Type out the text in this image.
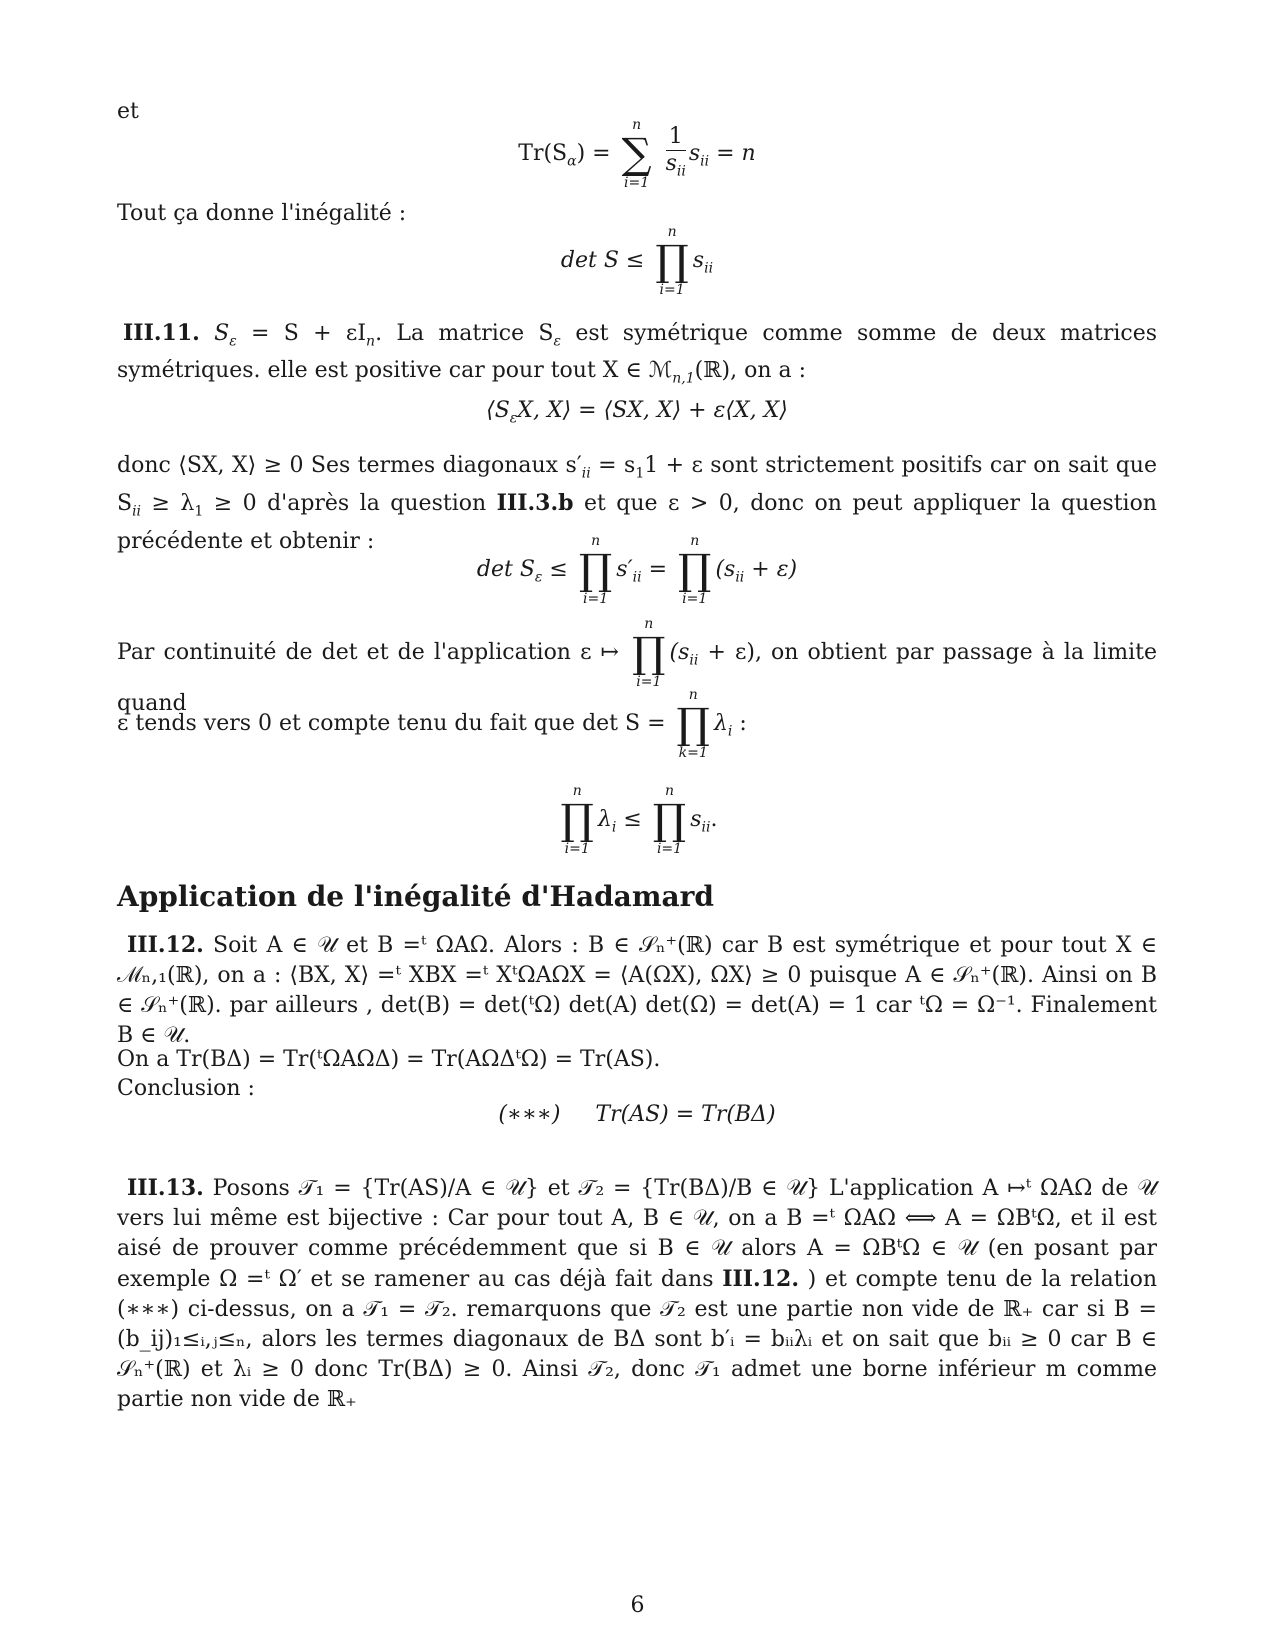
et

$Tr(S_\alpha)$ =
n
∑
i=1
$\frac{1}{s_{ii}} s_{ii} = n$

Tout ça donne l'inégalité :

det S ≤
n
∏
i=1
$s_{ii}$

III.11. $S_\varepsilon = S + \varepsilon I_n$. La matrice $S_\varepsilon$ est symétrique comme somme de deux matrices symétriques. elle est positive car pour tout X ∈ ℳ$_{n,1}$(ℝ), on a :

$⟨S_\varepsilon X$, X⟩ = ⟨SX, X⟩ + ε⟨X, X⟩

donc ⟨SX, X⟩ ≥ 0 Ses termes diagonaux $s'_{ii} = s_11 + \varepsilon$ sont strictement positifs car on sait que $S_{ii} \ge \lambda_1 \ge 0$ d'après la question III.3.b et que ε > 0, donc on peut appliquer la question précédente et obtenir :

$\det S_\varepsilon$ ≤
n
∏
i=1
$s'_{ii}$ =
n
∏
i=1
$(s_{ii} + \varepsilon)$

Par continuité de det et de l'application ε ↦
n
∏
i=1
$(s_{ii} + \varepsilon)$, on obtient par passage à la limite quand

ε tends vers 0 et compte tenu du fait que det S =
n
∏
k=1
$\lambda_i$ :

n
∏
i=1
$\lambda_i$ ≤
n
∏
i=1
$s_{ii}$.
Application de l'inégalité d'Hadamard

III.12. Soit A ∈ 𝒰 et B =ᵗ ΩAΩ. Alors : B ∈ 𝒮ₙ⁺(ℝ) car B est symétrique et pour tout X ∈ ℳₙ,₁(ℝ), on a : ⟨BX, X⟩ =ᵗ XBX =ᵗ XᵗΩAΩX = ⟨A(ΩX), ΩX⟩ ≥ 0 puisque A ∈ 𝒮ₙ⁺(ℝ). Ainsi on B ∈ 𝒮ₙ⁺(ℝ). par ailleurs , det(B) = det(ᵗΩ) det(A) det(Ω) = det(A) = 1 car ᵗΩ = Ω⁻¹. Finalement B ∈ 𝒰.

On a Tr(BΔ) = Tr(ᵗΩAΩΔ) = Tr(AΩΔᵗΩ) = Tr(AS).

Conclusion :

(∗∗∗) Tr(AS) = Tr(BΔ)

III.13. Posons 𝒯₁ = {Tr(AS)/A ∈ 𝒰} et 𝒯₂ = {Tr(BΔ)/B ∈ 𝒰} L'application A ↦ᵗ ΩAΩ de 𝒰 vers lui même est bijective : Car pour tout A, B ∈ 𝒰, on a B =ᵗ ΩAΩ ⟺ A = ΩBᵗΩ, et il est aisé de prouver comme précédemment que si B ∈ 𝒰 alors A = ΩBᵗΩ ∈ 𝒰 (en posant par exemple Ω =ᵗ Ω′ et se ramener au cas déjà fait dans III.12. ) et compte tenu de la relation (∗∗∗) ci-dessus, on a 𝒯₁ = 𝒯₂. remarquons que 𝒯₂ est une partie non vide de ℝ₊ car si B = (b_ij)₁≤ᵢ,ⱼ≤ₙ, alors les termes diagonaux de BΔ sont b′ᵢ = bᵢᵢλᵢ et on sait que bᵢᵢ ≥ 0 car B ∈ 𝒮ₙ⁺(ℝ) et λᵢ ≥ 0 donc Tr(BΔ) ≥ 0. Ainsi 𝒯₂, donc 𝒯₁ admet une borne inférieur m comme partie non vide de ℝ₊

6
